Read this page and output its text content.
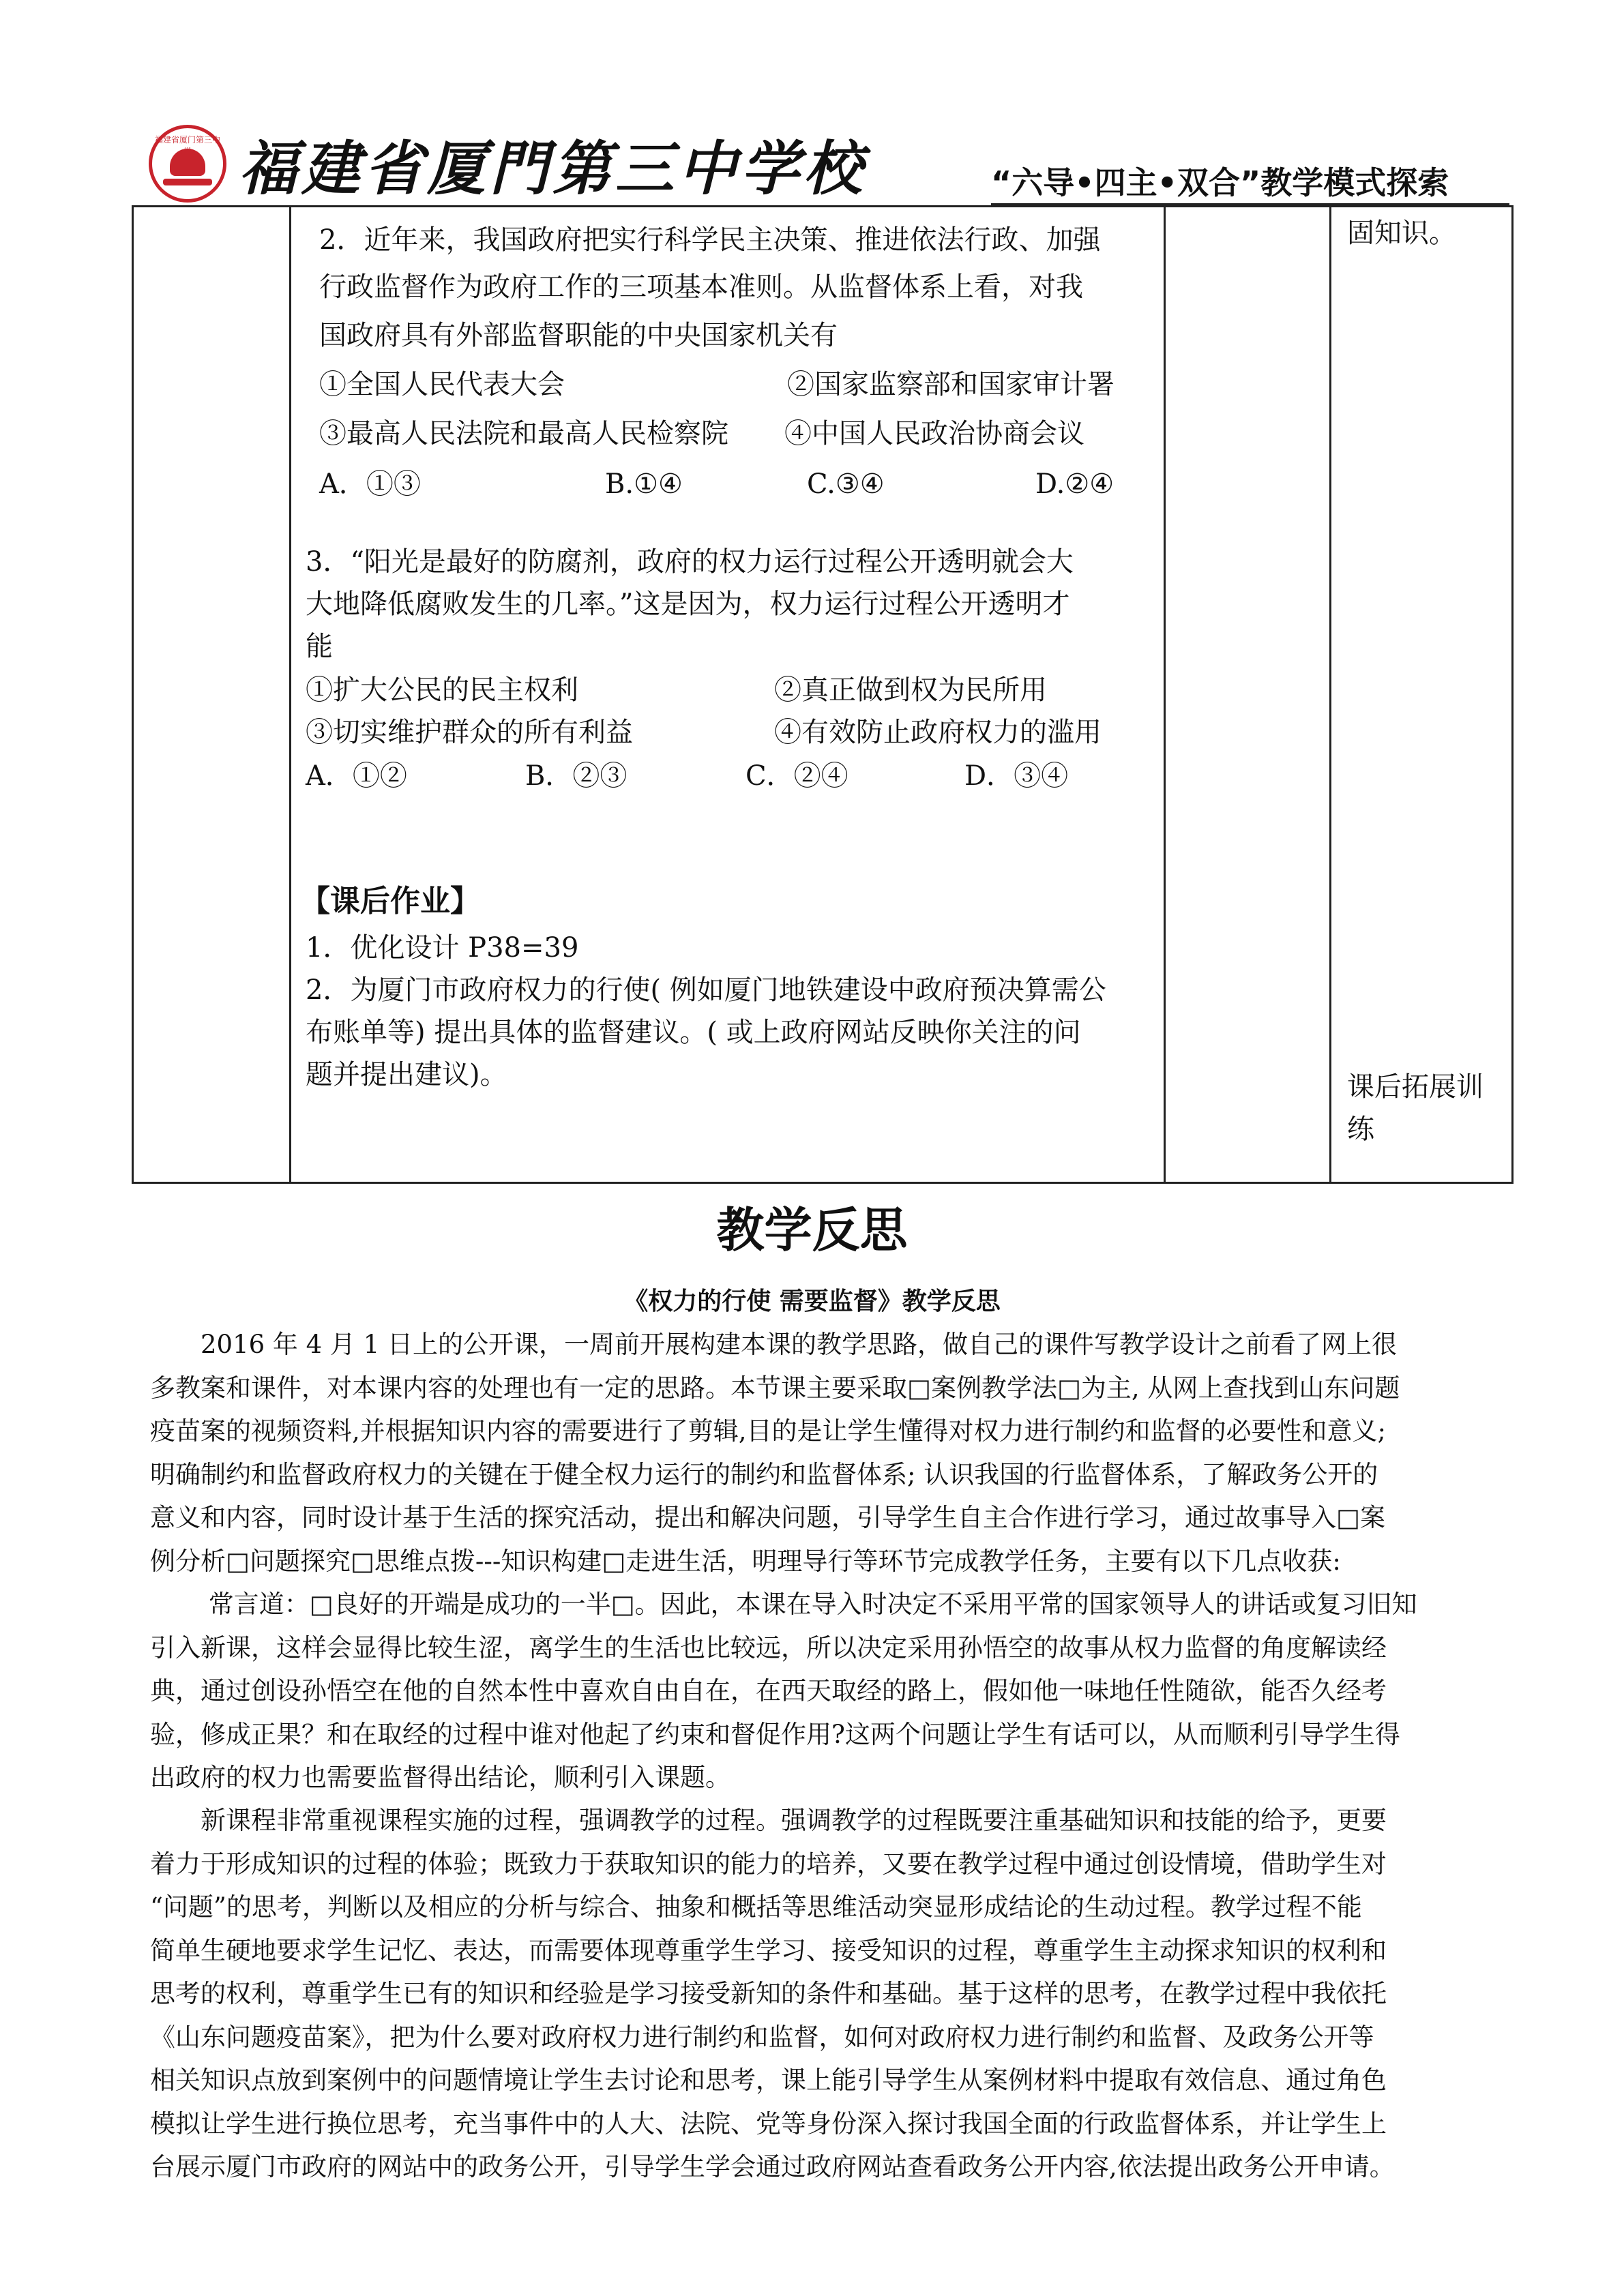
福建省厦门第三中 福建省厦門第三中学校	“六导•四主•双合”教学模式探索
固知识。
2．近年来，我国政府把实行科学民主决策、推进依法行政、加强
行政监督作为政府工作的三项基本准则。从监督体系上看，对我
国政府具有外部监督职能的中央国家机关有
①全国人民代表大会	②国家监察部和国家审计署
③最高人民法院和最高人民检察院 ④中国人民政治协商会议
A．①③	B.①④	C.③④	D.②④
3．“阳光是最好的防腐剂，政府的权力运行过程公开透明就会大
大地降低腐败发生的几率。”这是因为，权力运行过程公开透明才
能
①扩大公民的民主权利	②真正做到权为民所用
③切实维护群众的所有利益	④有效防止政府权力的滥用
A．①②	B．②③	C．②④	D．③④
【课后作业】
1．优化设计 P38=39
2．为厦门市政府权力的行使( 例如厦门地铁建设中政府预决算需公
布账单等) 提出具体的监督建议。( 或上政府网站反映你关注的问
题并提出建议)。	课后拓展训
练
教学反思
《权力的行使 需要监督》教学反思
　　2016 年 4 月 1 日上的公开课，一周前开展构建本课的教学思路，做自己的课件写教学设计之前看了网上很
多教案和课件，对本课内容的处理也有一定的思路。本节课主要采取□案例教学法□为主, 从网上查找到山东问题
疫苗案的视频资料,并根据知识内容的需要进行了剪辑,目的是让学生懂得对权力进行制约和监督的必要性和意义;
明确制约和监督政府权力的关键在于健全权力运行的制约和监督体系; 认识我国的行监督体系，了解政务公开的
意义和内容，同时设计基于生活的探究活动，提出和解决问题，引导学生自主合作进行学习，通过故事导入□案
例分析□问题探究□思维点拨---知识构建□走进生活，明理导行等环节完成教学任务，主要有以下几点收获:
　　 常言道：□良好的开端是成功的一半□。因此，本课在导入时决定不采用平常的国家领导人的讲话或复习旧知
引入新课，这样会显得比较生涩，离学生的生活也比较远，所以决定采用孙悟空的故事从权力监督的角度解读经
典，通过创设孙悟空在他的自然本性中喜欢自由自在，在西天取经的路上，假如他一味地任性随欲，能否久经考
验，修成正果？和在取经的过程中谁对他起了约束和督促作用?这两个问题让学生有话可以，从而顺利引导学生得
出政府的权力也需要监督得出结论，顺利引入课题。
　　新课程非常重视课程实施的过程，强调教学的过程。强调教学的过程既要注重基础知识和技能的给予，更要
着力于形成知识的过程的体验；既致力于获取知识的能力的培养，又要在教学过程中通过创设情境，借助学生对
“问题”的思考，判断以及相应的分析与综合、抽象和概括等思维活动突显形成结论的生动过程。教学过程不能
简单生硬地要求学生记忆、表达，而需要体现尊重学生学习、接受知识的过程，尊重学生主动探求知识的权利和
思考的权利，尊重学生已有的知识和经验是学习接受新知的条件和基础。基于这样的思考，在教学过程中我依托
《山东问题疫苗案》，把为什么要对政府权力进行制约和监督，如何对政府权力进行制约和监督、及政务公开等
相关知识点放到案例中的问题情境让学生去讨论和思考，课上能引导学生从案例材料中提取有效信息、通过角色
模拟让学生进行换位思考，充当事件中的人大、法院、党等身份深入探讨我国全面的行政监督体系，并让学生上
台展示厦门市政府的网站中的政务公开，引导学生学会通过政府网站查看政务公开内容,依法提出政务公开申请。
